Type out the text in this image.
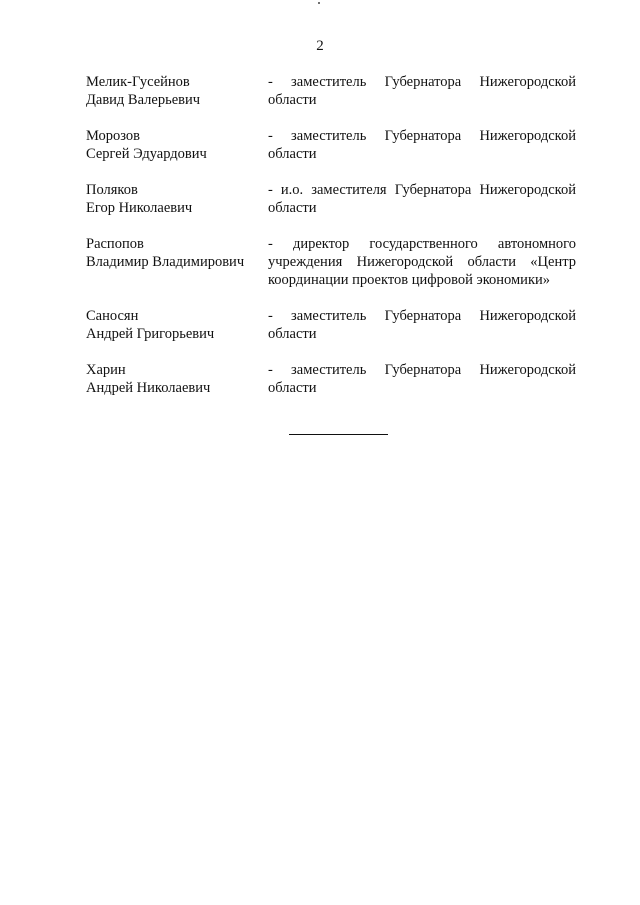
2
Мелик-Гусейнов
Давид Валерьевич
- заместитель Губернатора Нижегородской области
Морозов
Сергей Эдуардович
- заместитель Губернатора Нижегородской области
Поляков
Егор Николаевич
- и.о. заместителя Губернатора Нижегородской области
Распопов
Владимир Владимирович
- директор государственного автономного учреждения Нижегородской области «Центр координации проектов цифровой экономики»
Саносян
Андрей Григорьевич
- заместитель Губернатора Нижегородской области
Харин
Андрей Николаевич
- заместитель Губернатора Нижегородской области
